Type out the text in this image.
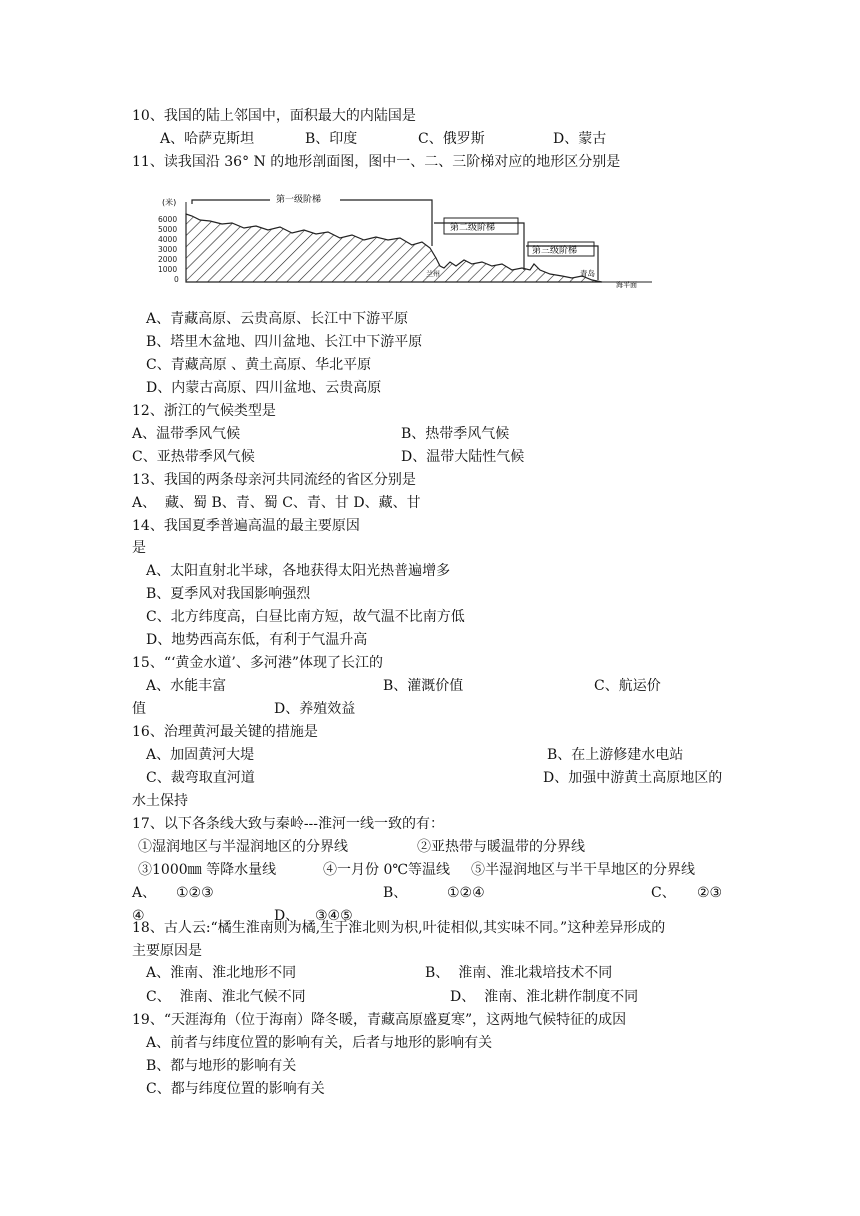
10、我国的陆上邻国中，面积最大的内陆国是
A、哈萨克斯坦	B、印度	C、俄罗斯	D、蒙古
11、读我国沿 36° N 的地形剖面图，图中一、二、三阶梯对应的地形区分别是
(米)
6000
5000
4000
3000
2000
1000
0
第一级阶梯
第二级阶梯
第三级阶梯
兰州	青岛
海平面
A、青藏高原、云贵高原、长江中下游平原
B、塔里木盆地、四川盆地、长江中下游平原
C、青藏高原 、黄土高原、华北平原
D、内蒙古高原、四川盆地、云贵高原
12、浙江的气候类型是
A、温带季风气候	B、热带季风气候
C、亚热带季风气候	D、温带大陆性气候
13、我国的两条母亲河共同流经的省区分别是
A、  藏、蜀 B、青、蜀 C、青、甘 D、藏、甘
14、我国夏季普遍高温的最主要原因
是
A、太阳直射北半球，各地获得太阳光热普遍增多
B、夏季风对我国影响强烈
C、北方纬度高，白昼比南方短，故气温不比南方低
D、地势西高东低，有利于气温升高
15、“‘黄金水道’、多河港”体现了长江的
A、水能丰富	B、灌溉价值	C、航运价
值	D、养殖效益
16、治理黄河最关键的措施是
A、加固黄河大堤	B、在上游修建水电站
C、裁弯取直河道	D、加强中游黄土高原地区的
水土保持
17、以下各条线大致与秦岭---淮河一线一致的有：
①湿润地区与半湿润地区的分界线	②亚热带与暖温带的分界线
③1000㎜ 等降水量线	④一月份 0℃等温线 ⑤半湿润地区与半干旱地区的分界线
A、 ①②③	B、	①②④	C、 ②③
④	D、 ③④⑤
18、古人云:“橘生淮南则为橘,生于淮北则为枳,叶徒相似,其实味不同。”这种差异形成的
主要原因是
A、淮南、淮北地形不同	B、  淮南、淮北栽培技术不同
C、  淮南、淮北气候不同	D、  淮南、淮北耕作制度不同
19、“天涯海角（位于海南）降冬暖，青藏高原盛夏寒”，这两地气候特征的成因
A、前者与纬度位置的影响有关，后者与地形的影响有关
B、都与地形的影响有关
C、都与纬度位置的影响有关
